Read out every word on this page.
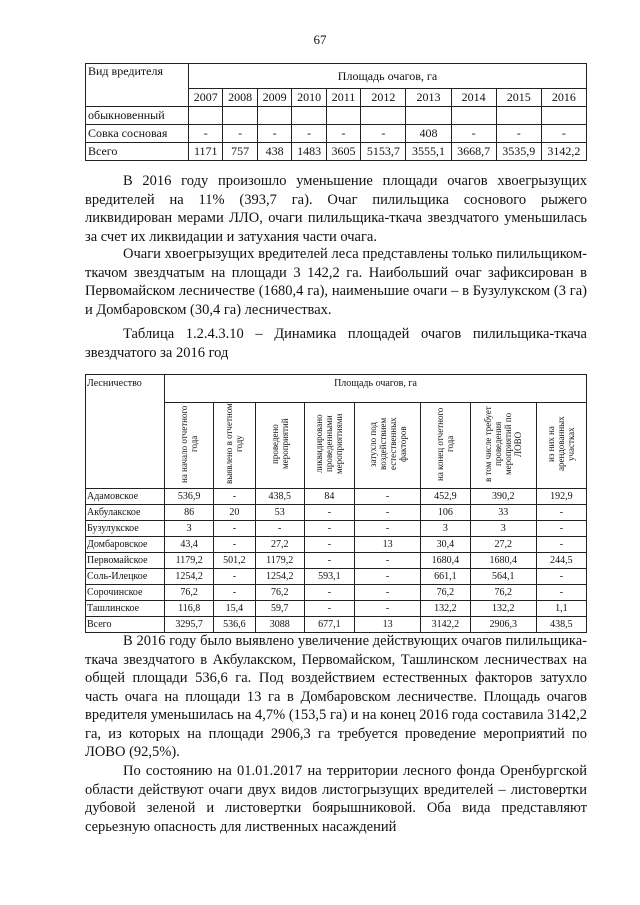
67
Вид вредителя	Площадь очагов, га									
	2007	2008	2009	2010	2011	2012	2013	2014	2015	2016
обыкновенный										
Совка сосновая	-	-	-	-	-	-	408	-	-	-
Всего	1171	757	438	1483	3605	5153,7	3555,1	3668,7	3535,9	3142,2

В 2016 году произошло уменьшение площади очагов хвоегрызущих вредителей на 11% (393,7 га). Очаг пилильщика соснового рыжего ликвидирован мерами ЛЛО, очаги пилильщика-ткача звездчатого уменьшилась за счет их ликвидации и затухания части очага.

Очаги хвоегрызущих вредителей леса представлены только пилильщиком-ткачом звездчатым на площади 3 142,2 га. Наибольший очаг зафиксирован в Первомайском лесничестве (1680,4 га), наименьшие очаги – в Бузулукском (3 га) и Домбаровском (30,4 га) лесничествах.

Таблица 1.2.4.3.10 – Динамика площадей очагов пилильщика-ткача звездчатого за 2016 год

Лесничество	Площадь очагов, га							
	на начало отчетного года	выявлено в отчетном году	проведено мероприятий	ликвидировано проведенными мероприятиями	затухло под воздействием естественных факторов	на конец отчетного года	в том числе требует проведения мероприятий по ЛОВО	из них на арендованных участках
Адамовское	536,9	-	438,5	84	-	452,9	390,2	192,9
Акбулакское	86	20	53	-	-	106	33	-
Бузулукское	3	-	-	-	-	3	3	-
Домбаровское	43,4	-	27,2	-	13	30,4	27,2	-
Первомайское	1179,2	501,2	1179,2	-	-	1680,4	1680,4	244,5
Соль-Илецкое	1254,2	-	1254,2	593,1	-	661,1	564,1	-
Сорочинское	76,2	-	76,2	-	-	76,2	76,2	-
Ташлинское	116,8	15,4	59,7	-	-	132,2	132,2	1,1
Всего	3295,7	536,6	3088	677,1	13	3142,2	2906,3	438,5

В 2016 году было выявлено увеличение действующих очагов пилильщика-ткача звездчатого в Акбулакском, Первомайском, Ташлинском лесничествах на общей площади 536,6 га. Под воздействием естественных факторов затухло часть очага на площади 13 га в Домбаровском лесничестве. Площадь очагов вредителя уменьшилась на 4,7% (153,5 га) и на конец 2016 года составила 3142,2 га, из которых на площади 2906,3 га требуется проведение мероприятий по ЛОВО (92,5%).

По состоянию на 01.01.2017 на территории лесного фонда Оренбургской области действуют очаги двух видов листогрызущих вредителей – листовертки дубовой зеленой и листовертки боярышниковой. Оба вида представляют серьезную опасность для лиственных насаждений
